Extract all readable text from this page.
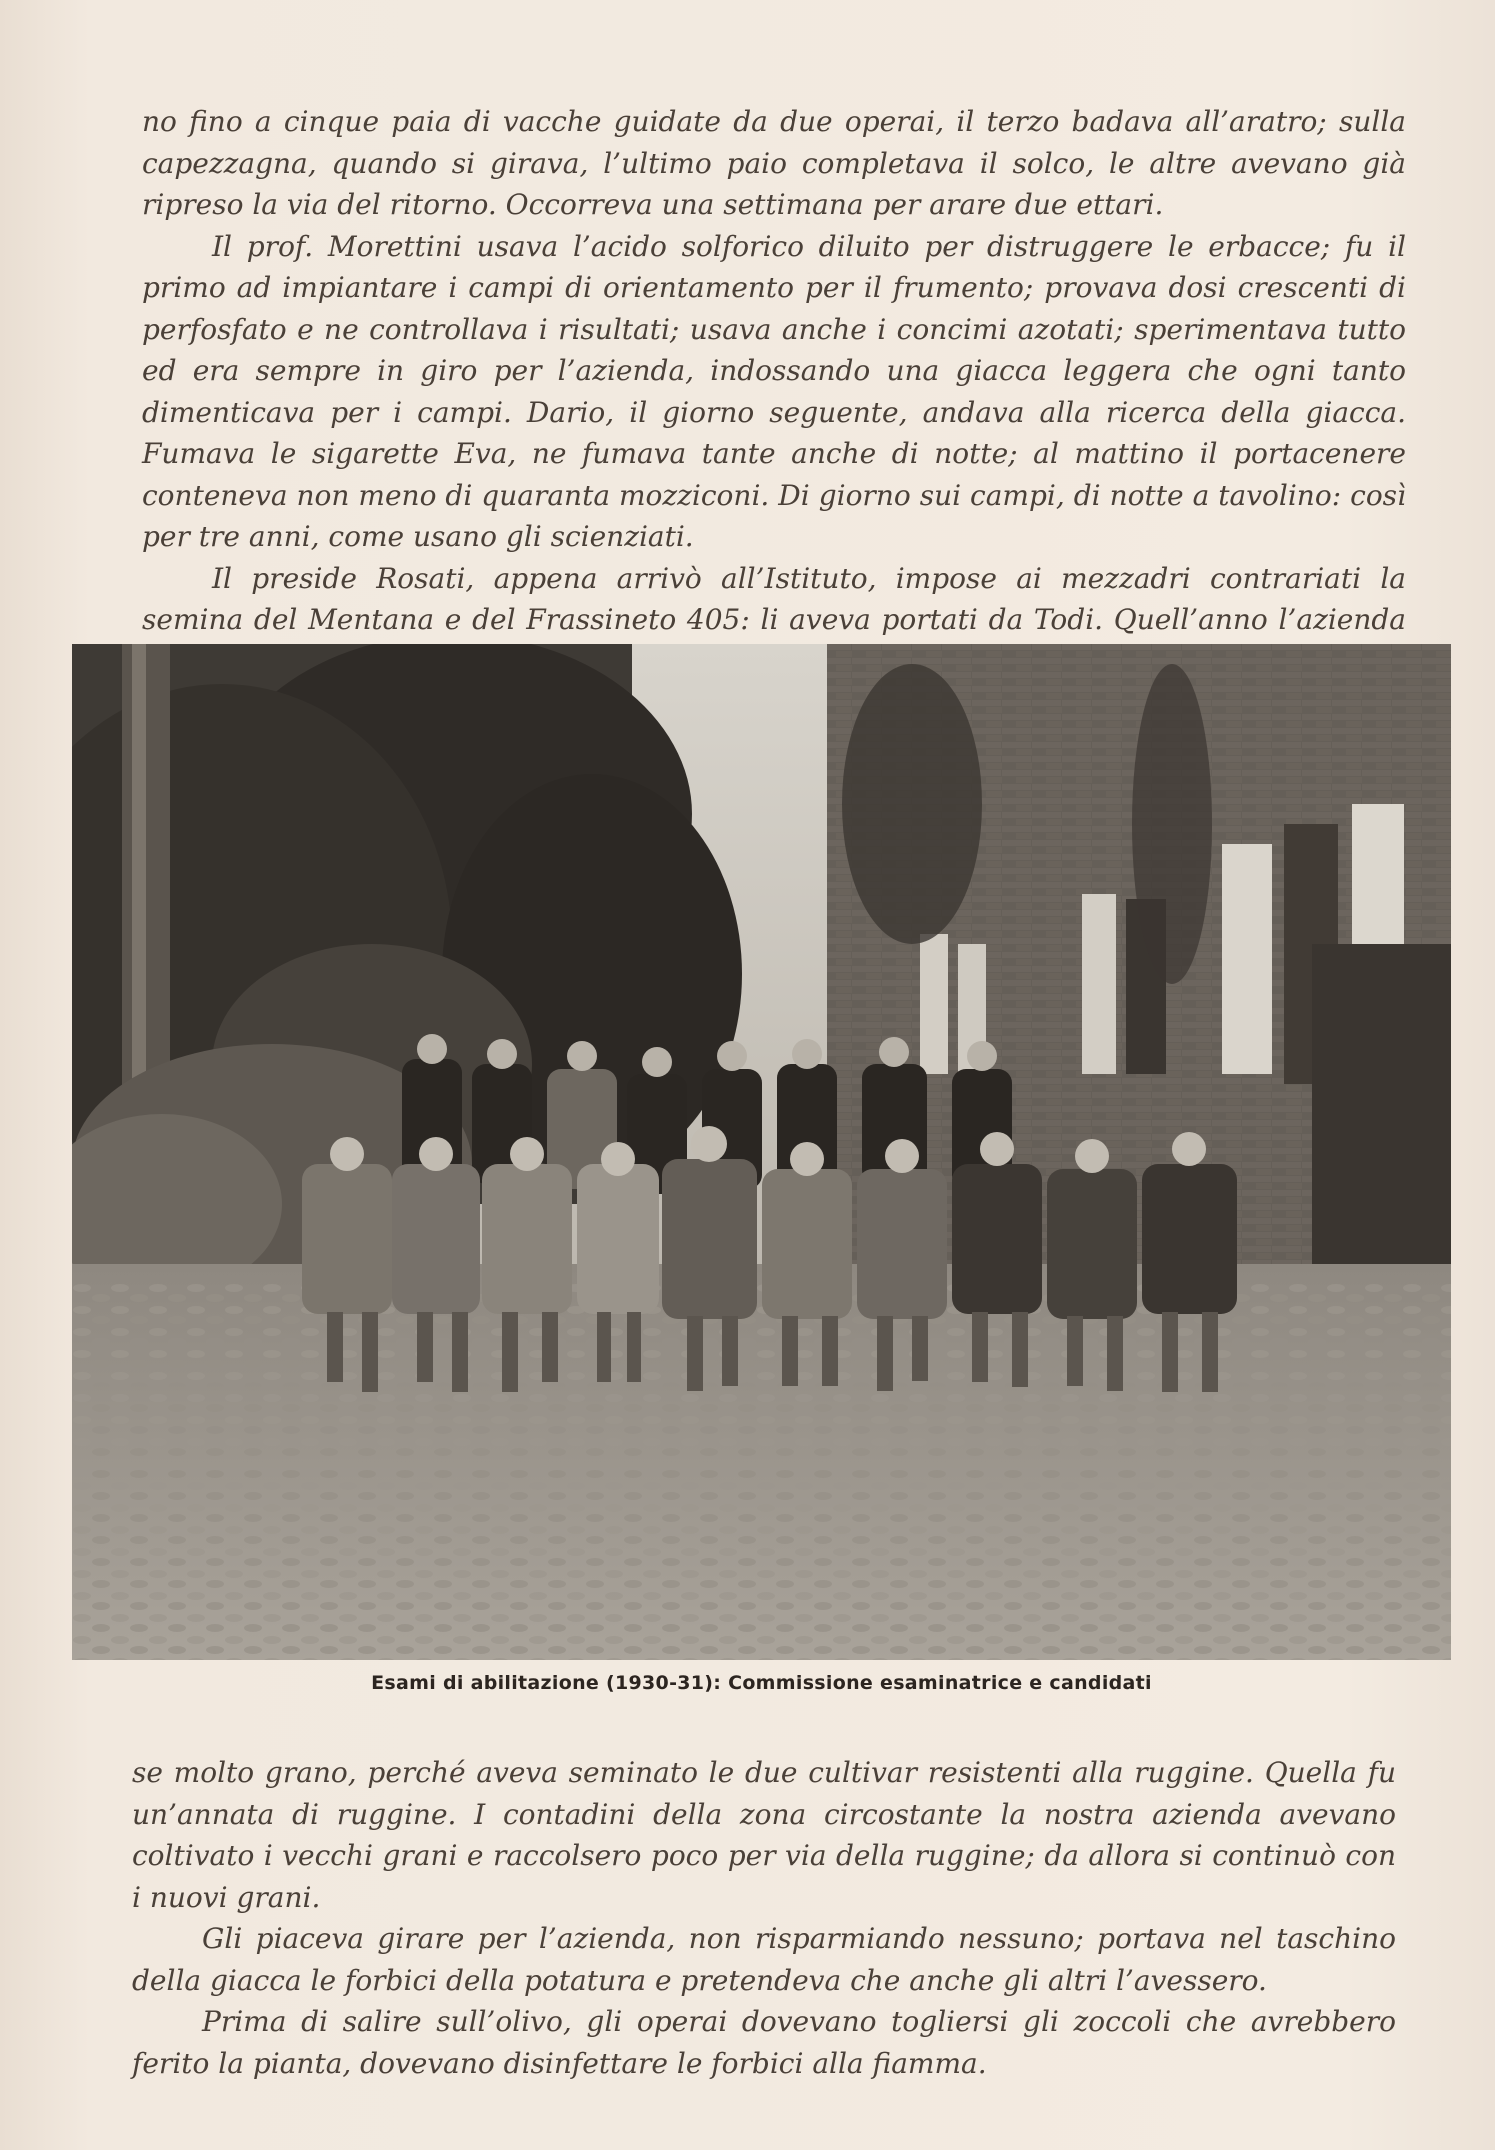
no fino a cinque paia di vacche guidate da due operai, il terzo badava all’aratro; sulla capezzagna, quando si girava, l’ultimo paio completava il solco, le altre avevano già ripreso la via del ritorno. Occorreva una settimana per arare due ettari.

Il prof. Morettini usava l’acido solforico diluito per distruggere le erbacce; fu il primo ad impiantare i campi di orientamento per il frumento; provava dosi crescenti di perfosfato e ne controllava i risultati; usava anche i concimi azotati; sperimentava tutto ed era sempre in giro per l’azienda, indossando una giacca leggera che ogni tanto dimenticava per i campi. Dario, il giorno seguente, andava alla ricerca della giacca. Fumava le sigarette Eva, ne fumava tante anche di notte; al mattino il portacenere conteneva non meno di quaranta mozziconi. Di giorno sui campi, di notte a tavolino: così per tre anni, come usano gli scienziati.

Il preside Rosati, appena arrivò all’Istituto, impose ai mezzadri contrariati la semina del Mentana e del Frassineto 405: li aveva portati da Todi. Quell’anno l’azienda

Esami di abilitazione (1930-31): Commissione esaminatrice e candidati

se molto grano, perché aveva seminato le due cultivar resistenti alla ruggine. Quella fu un’annata di ruggine. I contadini della zona circostante la nostra azienda avevano coltivato i vecchi grani e raccolsero poco per via della ruggine; da allora si continuò con i nuovi grani.

Gli piaceva girare per l’azienda, non risparmiando nessuno; portava nel taschino della giacca le forbici della potatura e pretendeva che anche gli altri l’avessero.

Prima di salire sull’olivo, gli operai dovevano togliersi gli zoccoli che avrebbero ferito la pianta, dovevano disinfettare le forbici alla fiamma.
